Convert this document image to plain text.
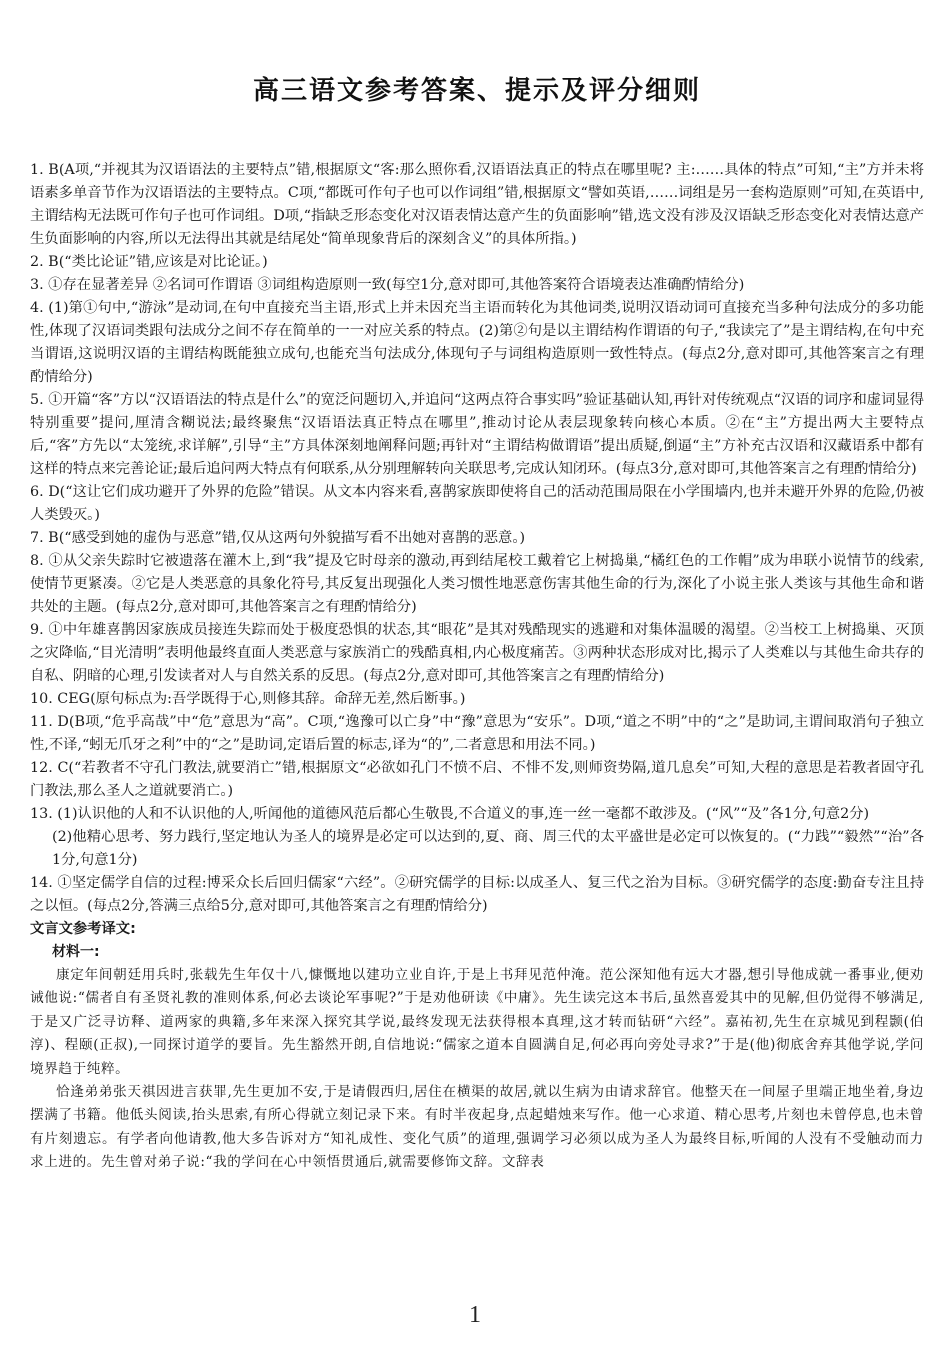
高三语文参考答案、提示及评分细则

1. B(A项,“并视其为汉语语法的主要特点”错,根据原文“客:那么照你看,汉语语法真正的特点在哪里呢? 主:……具体的特点”可知,“主”方并未将语素多单音节作为汉语语法的主要特点。C项,“都既可作句子也可以作词组”错,根据原文“譬如英语,……词组是另一套构造原则”可知,在英语中,主谓结构无法既可作句子也可作词组。D项,“指缺乏形态变化对汉语表情达意产生的负面影响”错,选文没有涉及汉语缺乏形态变化对表情达意产生负面影响的内容,所以无法得出其就是结尾处“简单现象背后的深刻含义”的具体所指。)

2. B(“类比论证”错,应该是对比论证。)

3. ①存在显著差异 ②名词可作谓语 ③词组构造原则一致(每空1分,意对即可,其他答案符合语境表达准确酌情给分)

4. (1)第①句中,“游泳”是动词,在句中直接充当主语,形式上并未因充当主语而转化为其他词类,说明汉语动词可直接充当多种句法成分的多功能性,体现了汉语词类跟句法成分之间不存在简单的一一对应关系的特点。(2)第②句是以主谓结构作谓语的句子,“我读完了”是主谓结构,在句中充当谓语,这说明汉语的主谓结构既能独立成句,也能充当句法成分,体现句子与词组构造原则一致性特点。(每点2分,意对即可,其他答案言之有理酌情给分)

5. ①开篇“客”方以“汉语语法的特点是什么”的宽泛问题切入,并追问“这两点符合事实吗”验证基础认知,再针对传统观点“汉语的词序和虚词显得特别重要”提问,厘清含糊说法;最终聚焦“汉语语法真正特点在哪里”,推动讨论从表层现象转向核心本质。②在“主”方提出两大主要特点后,“客”方先以“太笼统,求详解”,引导“主”方具体深刻地阐释问题;再针对“主谓结构做谓语”提出质疑,倒逼“主”方补充古汉语和汉藏语系中都有这样的特点来完善论证;最后追问两大特点有何联系,从分别理解转向关联思考,完成认知闭环。(每点3分,意对即可,其他答案言之有理酌情给分)

6. D(“这让它们成功避开了外界的危险”错误。从文本内容来看,喜鹊家族即使将自己的活动范围局限在小学围墙内,也并未避开外界的危险,仍被人类毁灭。)

7. B(“感受到她的虚伪与恶意”错,仅从这两句外貌描写看不出她对喜鹊的恶意。)

8. ①从父亲失踪时它被遗落在灌木上,到“我”提及它时母亲的激动,再到结尾校工戴着它上树捣巢,“橘红色的工作帽”成为串联小说情节的线索,使情节更紧凑。②它是人类恶意的具象化符号,其反复出现强化人类习惯性地恶意伤害其他生命的行为,深化了小说主张人类该与其他生命和谐共处的主题。(每点2分,意对即可,其他答案言之有理酌情给分)

9. ①中年雄喜鹊因家族成员接连失踪而处于极度恐惧的状态,其“眼花”是其对残酷现实的逃避和对集体温暖的渴望。②当校工上树捣巢、灭顶之灾降临,“目光清明”表明他最终直面人类恶意与家族消亡的残酷真相,内心极度痛苦。③两种状态形成对比,揭示了人类难以与其他生命共存的自私、阴暗的心理,引发读者对人与自然关系的反思。(每点2分,意对即可,其他答案言之有理酌情给分)

10. CEG(原句标点为:吾学既得于心,则修其辞。命辞无差,然后断事。)

11. D(B项,“危乎高哉”中“危”意思为“高”。C项,“逸豫可以亡身”中“豫”意思为“安乐”。D项,“道之不明”中的“之”是助词,主谓间取消句子独立性,不译,“蚓无爪牙之利”中的“之”是助词,定语后置的标志,译为“的”,二者意思和用法不同。)

12. C(“若教者不守孔门教法,就要消亡”错,根据原文“必欲如孔门不愤不启、不悱不发,则师资势隔,道几息矣”可知,大程的意思是若教者固守孔门教法,那么圣人之道就要消亡。)

13. (1)认识他的人和不认识他的人,听闻他的道德风范后都心生敬畏,不合道义的事,连一丝一毫都不敢涉及。(“风”“及”各1分,句意2分)

(2)他精心思考、努力践行,坚定地认为圣人的境界是必定可以达到的,夏、商、周三代的太平盛世是必定可以恢复的。(“力践”“毅然”“治”各1分,句意1分)

14. ①坚定儒学自信的过程:博采众长后回归儒家“六经”。②研究儒学的目标:以成圣人、复三代之治为目标。③研究儒学的态度:勤奋专注且持之以恒。(每点2分,答满三点给5分,意对即可,其他答案言之有理酌情给分)

文言文参考译文:

材料一:

康定年间朝廷用兵时,张载先生年仅十八,慷慨地以建功立业自许,于是上书拜见范仲淹。范公深知他有远大才器,想引导他成就一番事业,便劝诫他说:“儒者自有圣贤礼教的准则体系,何必去谈论军事呢?”于是劝他研读《中庸》。先生读完这本书后,虽然喜爱其中的见解,但仍觉得不够满足,于是又广泛寻访释、道两家的典籍,多年来深入探究其学说,最终发现无法获得根本真理,这才转而钻研“六经”。嘉祐初,先生在京城见到程颢(伯淳)、程颐(正叔),一同探讨道学的要旨。先生豁然开朗,自信地说:“儒家之道本自圆满自足,何必再向旁处寻求?”于是(他)彻底舍弃其他学说,学问境界趋于纯粹。

恰逢弟弟张天祺因进言获罪,先生更加不安,于是请假西归,居住在横渠的故居,就以生病为由请求辞官。他整天在一间屋子里端正地坐着,身边摆满了书籍。他低头阅读,抬头思索,有所心得就立刻记录下来。有时半夜起身,点起蜡烛来写作。他一心求道、精心思考,片刻也未曾停息,也未曾有片刻遗忘。有学者向他请教,他大多告诉对方“知礼成性、变化气质”的道理,强调学习必须以成为圣人为最终目标,听闻的人没有不受触动而力求上进的。先生曾对弟子说:“我的学问在心中领悟贯通后,就需要修饰文辞。文辞表

1
